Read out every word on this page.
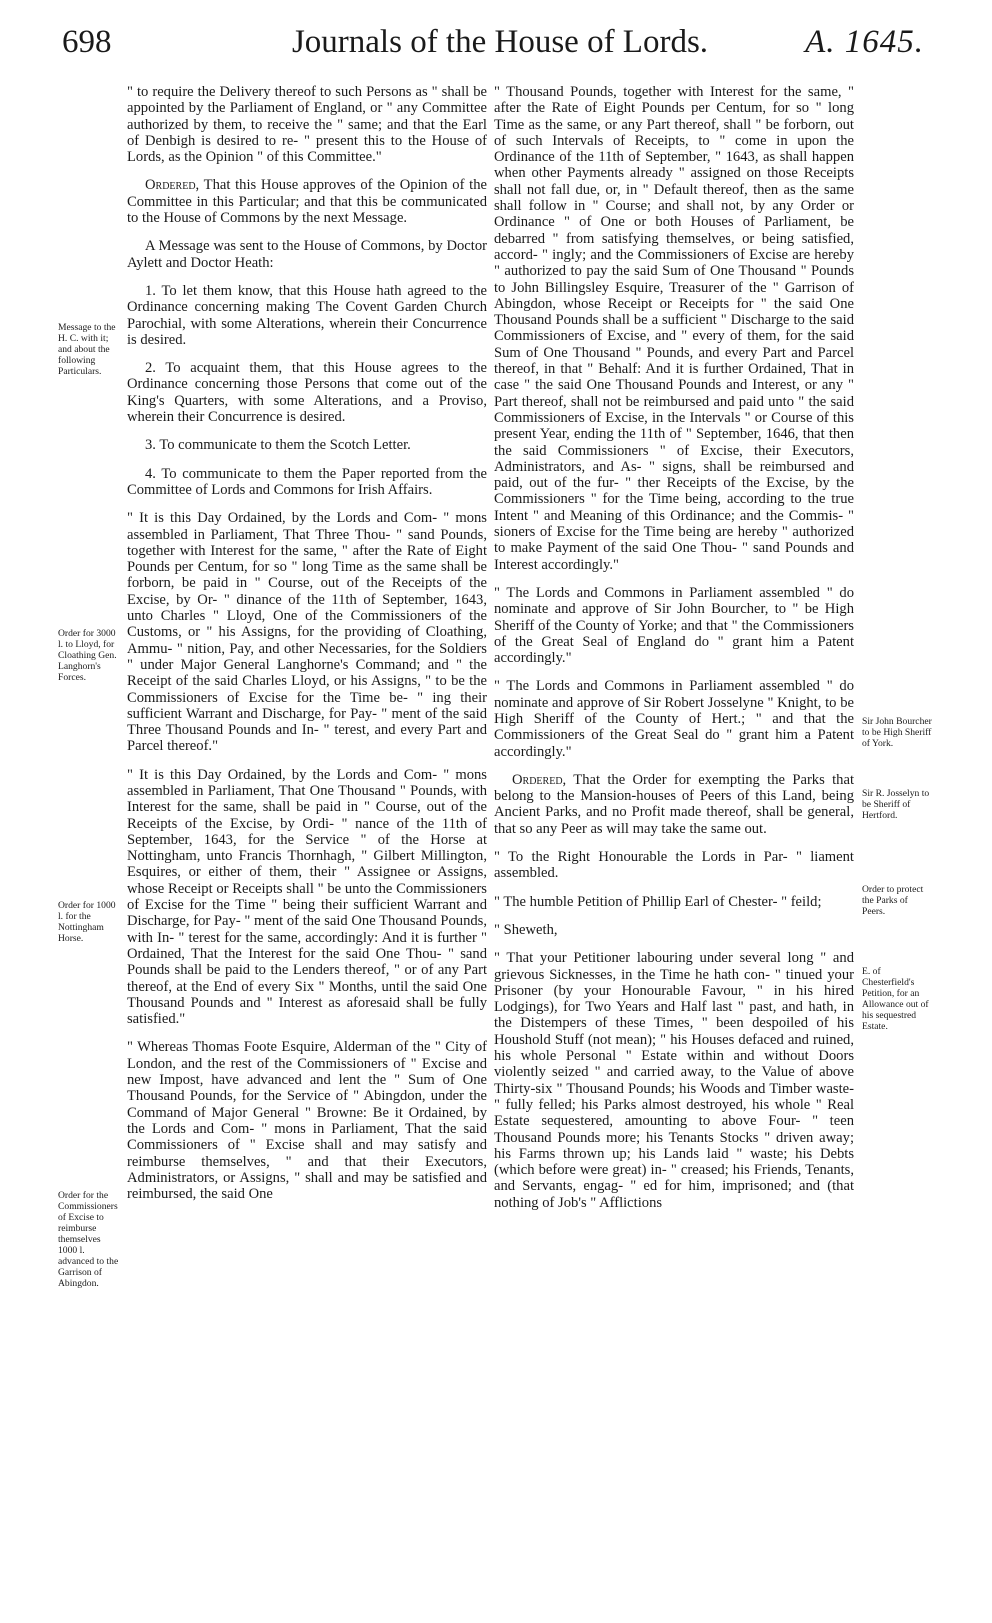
698	Journals of the House of Lords.	A. 1645.
Message to the H. C. with it; and about the following Particulars.
Order for 3000 l. to Lloyd, for Cloathing Gen. Langhorn's Forces.
Order for 1000 l. for the Nottingham Horse.
Order for the Commissioners of Excise to reimburse themselves 1000 l. advanced to the Garrison of Abingdon.
Sir John Bourcher to be High Sheriff of York.
Sir R. Josselyn to be Sheriff of Hertford.
Order to protect the Parks of Peers.
E. of Chesterfield's Petition, for an Allowance out of his sequestred Estate.

" to require the Delivery thereof to such Persons as " shall be appointed by the Parliament of England, or " any Committee authorized by them, to receive the " same; and that the Earl of Denbigh is desired to re- " present this to the House of Lords, as the Opinion " of this Committee."

Ordered, That this House approves of the Opinion of the Committee in this Particular; and that this be communicated to the House of Commons by the next Message.

A Message was sent to the House of Commons, by Doctor Aylett and Doctor Heath:

1. To let them know, that this House hath agreed to the Ordinance concerning making The Covent Garden Church Parochial, with some Alterations, wherein their Concurrence is desired.

2. To acquaint them, that this House agrees to the Ordinance concerning those Persons that come out of the King's Quarters, with some Alterations, and a Proviso, wherein their Concurrence is desired.

3. To communicate to them the Scotch Letter.

4. To communicate to them the Paper reported from the Committee of Lords and Commons for Irish Affairs.

" It is this Day Ordained, by the Lords and Com- " mons assembled in Parliament, That Three Thou- " sand Pounds, together with Interest for the same, " after the Rate of Eight Pounds per Centum, for so " long Time as the same shall be forborn, be paid in " Course, out of the Receipts of the Excise, by Or- " dinance of the 11th of September, 1643, unto Charles " Lloyd, One of the Commissioners of the Customs, or " his Assigns, for the providing of Cloathing, Ammu- " nition, Pay, and other Necessaries, for the Soldiers " under Major General Langhorne's Command; and " the Receipt of the said Charles Lloyd, or his Assigns, " to be the Commissioners of Excise for the Time be- " ing their sufficient Warrant and Discharge, for Pay- " ment of the said Three Thousand Pounds and In- " terest, and every Part and Parcel thereof."

" It is this Day Ordained, by the Lords and Com- " mons assembled in Parliament, That One Thousand " Pounds, with Interest for the same, shall be paid in " Course, out of the Receipts of the Excise, by Ordi- " nance of the 11th of September, 1643, for the Service " of the Horse at Nottingham, unto Francis Thornhagh, " Gilbert Millington, Esquires, or either of them, their " Assignee or Assigns, whose Receipt or Receipts shall " be unto the Commissioners of Excise for the Time " being their sufficient Warrant and Discharge, for Pay- " ment of the said One Thousand Pounds, with In- " terest for the same, accordingly: And it is further " Ordained, That the Interest for the said One Thou- " sand Pounds shall be paid to the Lenders thereof, " or of any Part thereof, at the End of every Six " Months, until the said One Thousand Pounds and " Interest as aforesaid shall be fully satisfied."

" Whereas Thomas Foote Esquire, Alderman of the " City of London, and the rest of the Commissioners of " Excise and new Impost, have advanced and lent the " Sum of One Thousand Pounds, for the Service of " Abingdon, under the Command of Major General " Browne: Be it Ordained, by the Lords and Com- " mons in Parliament, That the said Commissioners of " Excise shall and may satisfy and reimburse themselves, " and that their Executors, Administrators, or Assigns, " shall and may be satisfied and reimbursed, the said One

" Thousand Pounds, together with Interest for the same, " after the Rate of Eight Pounds per Centum, for so " long Time as the same, or any Part thereof, shall " be forborn, out of such Intervals of Receipts, to " come in upon the Ordinance of the 11th of September, " 1643, as shall happen when other Payments already " assigned on those Receipts shall not fall due, or, in " Default thereof, then as the same shall follow in " Course; and shall not, by any Order or Ordinance " of One or both Houses of Parliament, be debarred " from satisfying themselves, or being satisfied, accord- " ingly; and the Commissioners of Excise are hereby " authorized to pay the said Sum of One Thousand " Pounds to John Billingsley Esquire, Treasurer of the " Garrison of Abingdon, whose Receipt or Receipts for " the said One Thousand Pounds shall be a sufficient " Discharge to the said Commissioners of Excise, and " every of them, for the said Sum of One Thousand " Pounds, and every Part and Parcel thereof, in that " Behalf: And it is further Ordained, That in case " the said One Thousand Pounds and Interest, or any " Part thereof, shall not be reimbursed and paid unto " the said Commissioners of Excise, in the Intervals " or Course of this present Year, ending the 11th of " September, 1646, that then the said Commissioners " of Excise, their Executors, Administrators, and As- " signs, shall be reimbursed and paid, out of the fur- " ther Receipts of the Excise, by the Commissioners " for the Time being, according to the true Intent " and Meaning of this Ordinance; and the Commis- " sioners of Excise for the Time being are hereby " authorized to make Payment of the said One Thou- " sand Pounds and Interest accordingly."

" The Lords and Commons in Parliament assembled " do nominate and approve of Sir John Bourcher, to " be High Sheriff of the County of Yorke; and that " the Commissioners of the Great Seal of England do " grant him a Patent accordingly."

" The Lords and Commons in Parliament assembled " do nominate and approve of Sir Robert Josselyne " Knight, to be High Sheriff of the County of Hert.; " and that the Commissioners of the Great Seal do " grant him a Patent accordingly."

Ordered, That the Order for exempting the Parks that belong to the Mansion-houses of Peers of this Land, being Ancient Parks, and no Profit made thereof, shall be general, that so any Peer as will may take the same out.

" To the Right Honourable the Lords in Par- " liament assembled.

" The humble Petition of Phillip Earl of Chester- " feild;

" Sheweth,

" That your Petitioner labouring under several long " and grievous Sicknesses, in the Time he hath con- " tinued your Prisoner (by your Honourable Favour, " in his hired Lodgings), for Two Years and Half last " past, and hath, in the Distempers of these Times, " been despoiled of his Houshold Stuff (not mean); " his Houses defaced and ruined, his whole Personal " Estate within and without Doors violently seized " and carried away, to the Value of above Thirty-six " Thousand Pounds; his Woods and Timber waste- " fully felled; his Parks almost destroyed, his whole " Real Estate sequestered, amounting to above Four- " teen Thousand Pounds more; his Tenants Stocks " driven away; his Farms thrown up; his Lands laid " waste; his Debts (which before were great) in- " creased; his Friends, Tenants, and Servants, engag- " ed for him, imprisoned; and (that nothing of Job's " Afflictions
